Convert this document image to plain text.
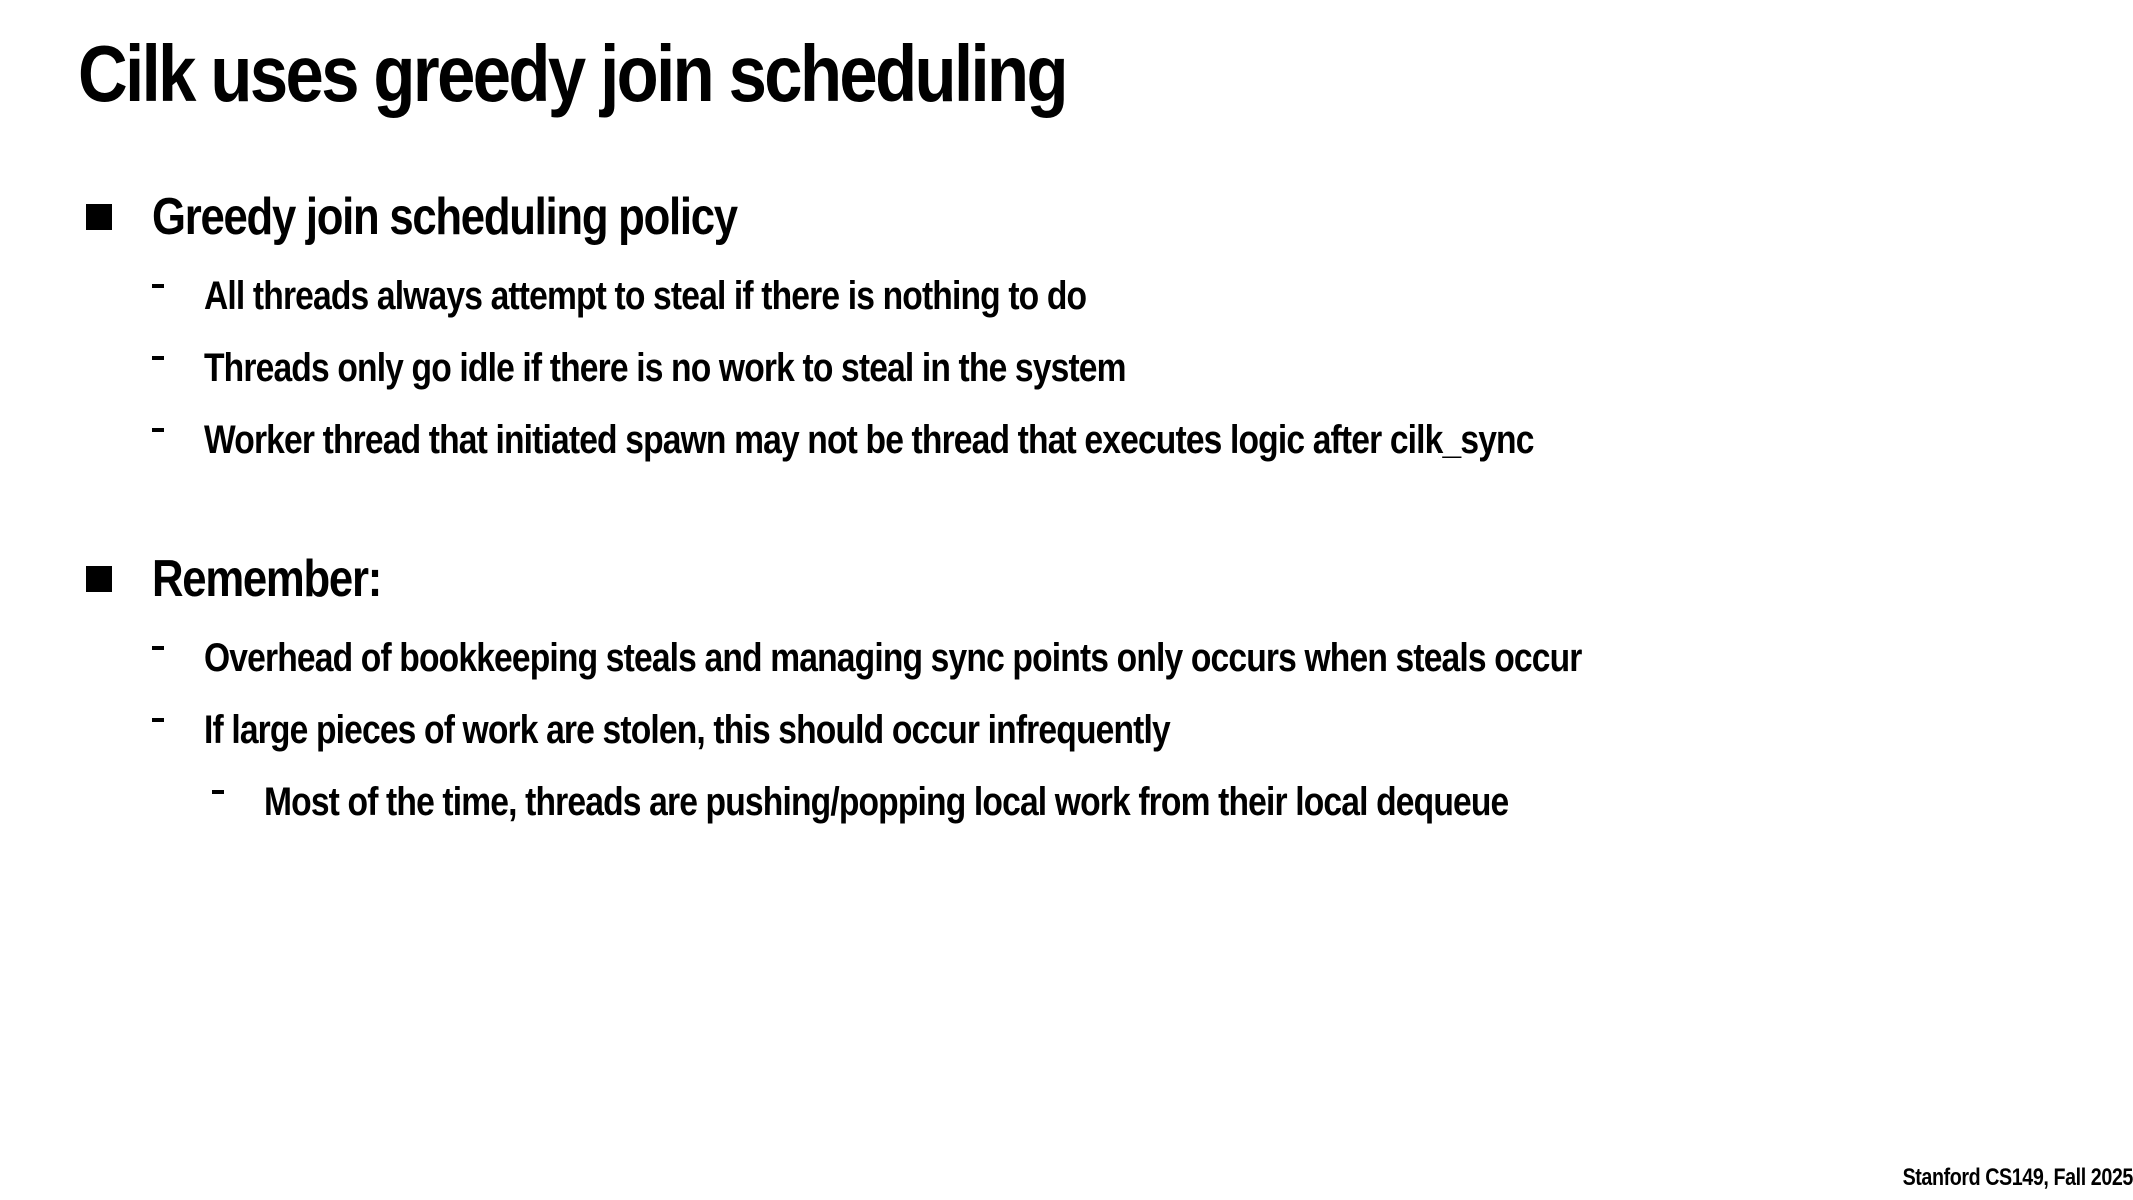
Cilk uses greedy join scheduling
Greedy join scheduling policy
All threads always attempt to steal if there is nothing to do
Threads only go idle if there is no work to steal in the system
Worker thread that initiated spawn may not be thread that executes logic after cilk_sync
Remember:
Overhead of bookkeeping steals and managing sync points only occurs when steals occur
If large pieces of work are stolen, this should occur infrequently
Most of the time, threads are pushing/popping local work from their local dequeue
Stanford CS149, Fall 2025
